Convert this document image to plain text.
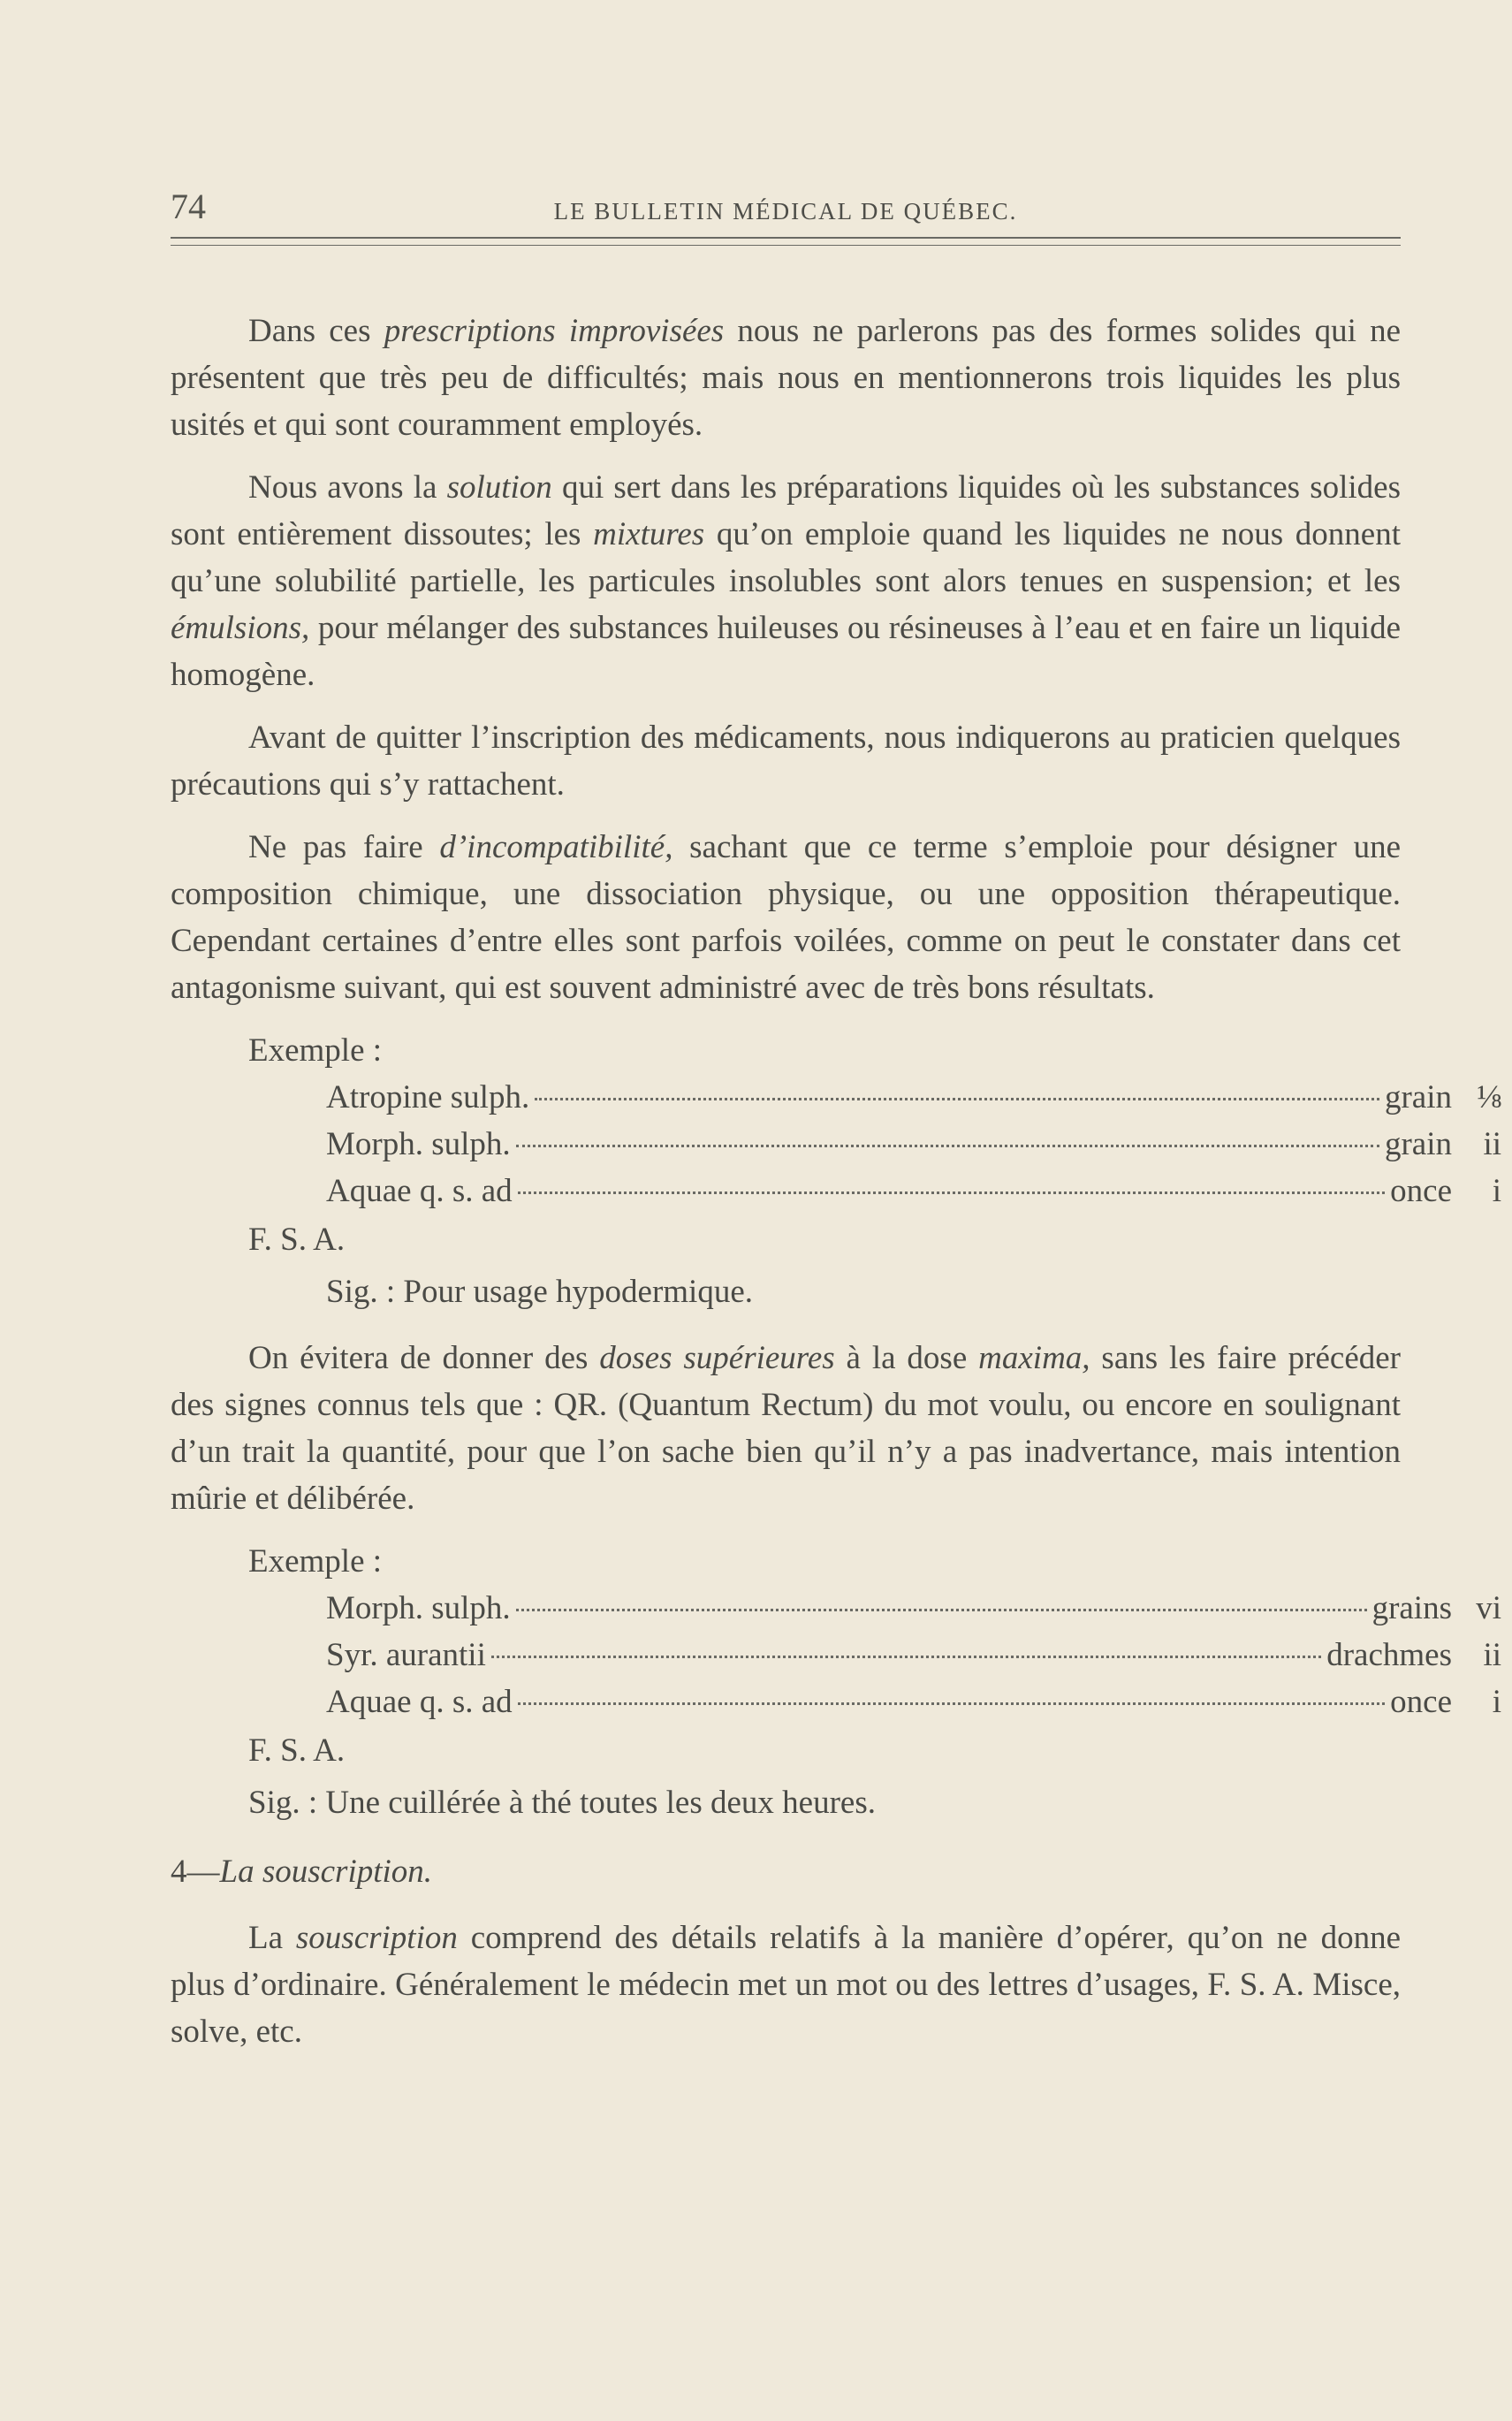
74	LE BULLETIN MÉDICAL DE QUÉBEC.

Dans ces prescriptions improvisées nous ne parlerons pas des formes solides qui ne présentent que très peu de difficultés; mais nous en mentionnerons trois liquides les plus usités et qui sont couramment employés.

Nous avons la solution qui sert dans les préparations liquides où les substances solides sont entièrement dissoutes; les mixtures qu’on emploie quand les liquides ne nous donnent qu’une solubilité partielle, les particules insolubles sont alors tenues en suspension; et les émulsions, pour mélanger des substances huileuses ou résineuses à l’eau et en faire un liquide homogène.

Avant de quitter l’inscription des médicaments, nous indiquerons au praticien quelques précautions qui s’y rattachent.

Ne pas faire d’incompatibilité, sachant que ce terme s’emploie pour désigner une composition chimique, une dissociation physique, ou une opposition thérapeutique. Cependant certaines d’entre elles sont parfois voilées, comme on peut le constater dans cet antagonisme suivant, qui est souvent administré avec de très bons résultats.

Exemple :
Atropine sulph.	grain ⅛
Morph. sulph.	grain ii
Aquae q. s. ad	once i
F. S. A.
Sig. : Pour usage hypodermique.

On évitera de donner des doses supérieures à la dose maxima, sans les faire précéder des signes connus tels que : QR. (Quantum Rectum) du mot voulu, ou encore en soulignant d’un trait la quantité, pour que l’on sache bien qu’il n’y a pas inadvertance, mais intention mûrie et délibérée.

Exemple :
Morph. sulph.	grains vi
Syr. aurantii	drachmes ii
Aquae q. s. ad	once i
F. S. A.
Sig. : Une cuillérée à thé toutes les deux heures.
4—La souscription.

La souscription comprend des détails relatifs à la manière d’opérer, qu’on ne donne plus d’ordinaire. Généralement le médecin met un mot ou des lettres d’usages, F. S. A. Misce, solve, etc.
